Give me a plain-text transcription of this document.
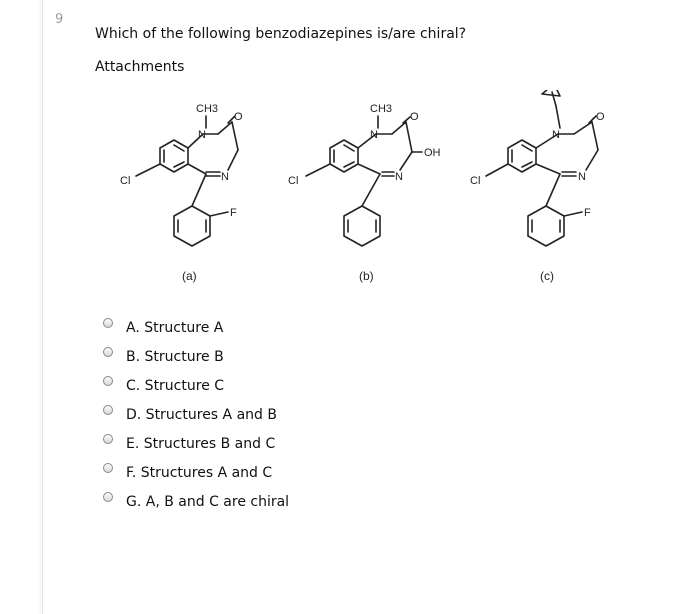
9
Which of the following benzodiazepines is/are chiral?
Attachments
CH3
N
O
N
Cl
F
(a)
CH3
N
O
OH
N
Cl
(b)
N
O
N
Cl
F
(c)
A. Structure A
B. Structure B
C. Structure C
D. Structures A and B
E. Structures B and C
F. Structures A and C
G. A, B and C are chiral
